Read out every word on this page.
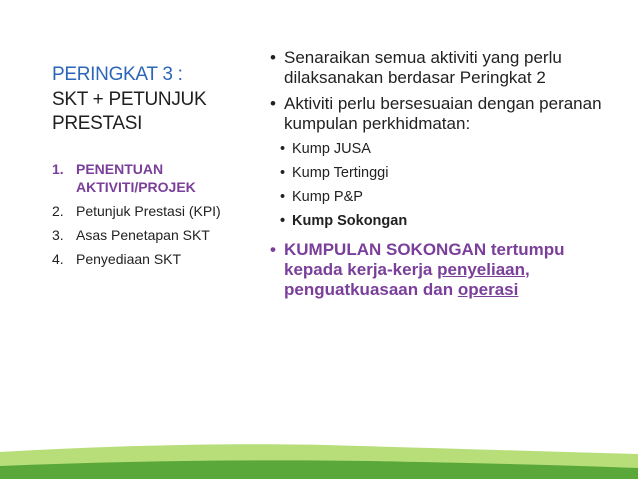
PERINGKAT 3 :
SKT + PETUNJUK
PRESTASI
1. PENENTUAN AKTIVITI/PROJEK
2. Petunjuk Prestasi (KPI)
3. Asas Penetapan SKT
4. Penyediaan SKT
• Senaraikan semua aktiviti yang perlu dilaksanakan berdasar Peringkat 2
• Aktiviti perlu bersesuaian dengan peranan kumpulan perkhidmatan:
• Kump JUSA
• Kump Tertinggi
• Kump P&P
• Kump Sokongan
• KUMPULAN SOKONGAN tertumpu kepada kerja-kerja penyeliaan, penguatkuasaan dan operasi
